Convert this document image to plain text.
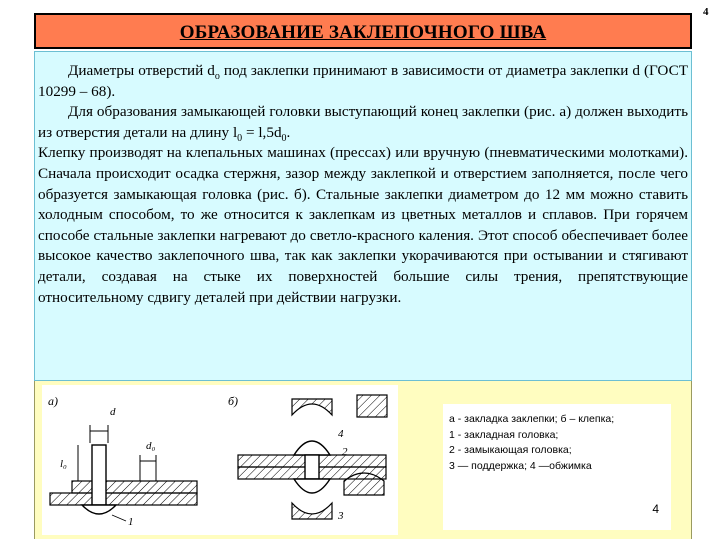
4
ОБРАЗОВАНИЕ ЗАКЛЕПОЧНОГО ШВА

Диаметры отверстий $d_o$ под заклепки принимают в зависимости от диаметра заклепки d (ГОСТ 10299 – 68).

Для образования замыкающей головки выступающий конец заклепки (рис. а) должен выходить из отверстия детали на длину $l_0 = l,5d_0$.

Клепку производят на клепальных машинах (прессах) или вручную (пневматическими молотками). Сначала происходит осадка стержня, зазор между заклепкой и отверстием заполняется, после чего образуется замыкающая головка (рис. б). Стальные заклепки диаметром до 12 мм можно ставить холодным способом, то же относится к заклепкам из цветных металлов и сплавов. При горячем способе стальные заклепки нагревают до светло-красного каления. Этот способ обеспечивает более высокое качество заклепочного шва, так как заклепки укорачиваются при остывании и стягивают детали, создавая на стыке их поверхностей большие силы трения, препятствующие относительному сдвигу деталей при действии нагрузки.

а)
d
l₀
d₀
1
б)
4
2
3
а - закладка заклепки; б – клепка;
1 - закладная головка;
2 - замыкающая головка;
3 — поддержка; 4 —обжимка
4
